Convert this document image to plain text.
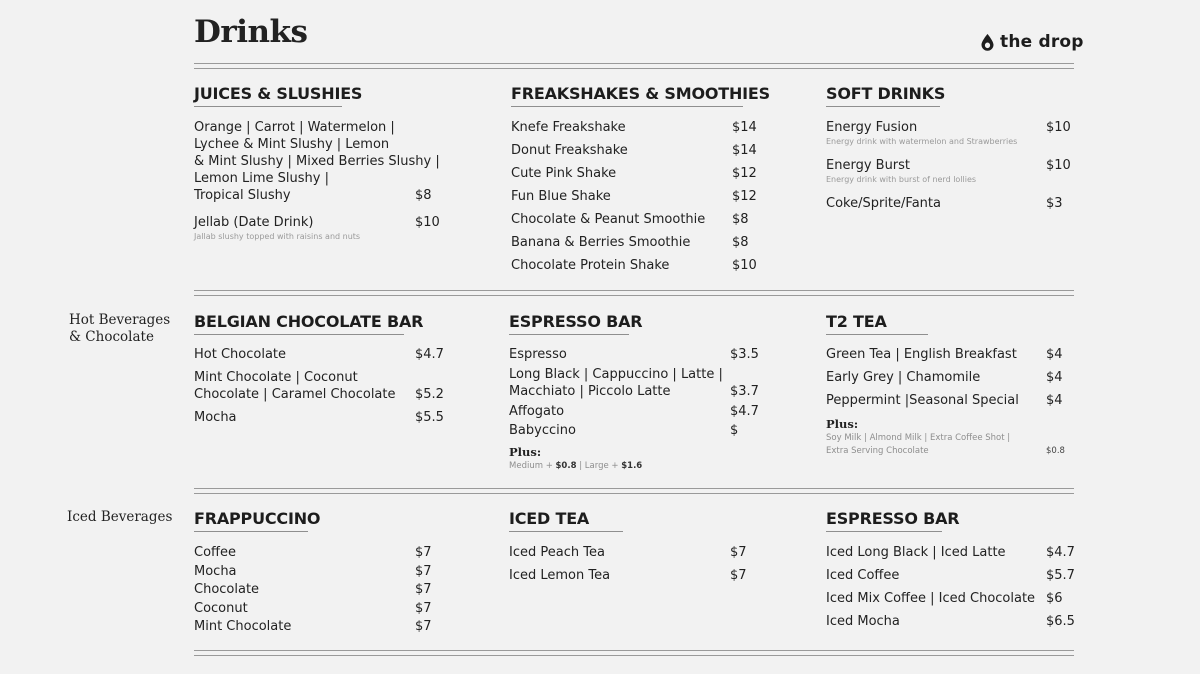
Drinks	the drop
Hot Beverages
& Chocolate
Iced Beverages
JUICES & SLUSHIES
Orange | Carrot | Watermelon |
Lychee & Mint Slushy | Lemon
& Mint Slushy | Mixed Berries Slushy |
Lemon Lime Slushy |
Tropical Slushy	$8
Jellab (Date Drink)	$10
Jallab slushy topped with raisins and nuts
FREAKSHAKES & SMOOTHIES
Knefe Freakshake	$14
Donut Freakshake	$14
Cute Pink Shake	$12
Fun Blue Shake	$12
Chocolate & Peanut Smoothie $8
Banana & Berries Smoothie	$8
Chocolate Protein Shake	$10
SOFT DRINKS
Energy Fusion	$10
Energy drink with watermelon and Strawberries
Energy Burst	$10
Energy drink with burst of nerd lollies
Coke/Sprite/Fanta	$3
BELGIAN CHOCOLATE BAR
Hot Chocolate	$4.7
Mint Chocolate | Coconut
Chocolate | Caramel Chocolate $5.2
Mocha	$5.5
ESPRESSO BAR
Espresso	$3.5
Long Black | Cappuccino | Latte |
Macchiato | Piccolo Latte	$3.7
Affogato	$4.7
Babyccino	$
Plus:
Medium + $0.8 | Large + $1.6
T2 TEA
Green Tea | English Breakfast $4
Early Grey | Chamomile	$4
Peppermint |Seasonal Special $4
Plus:
Soy Milk | Almond Milk | Extra Coffee Shot |
Extra Serving Chocolate	$0.8
FRAPPUCCINO
Coffee	$7
Mocha	$7
Chocolate	$7
Coconut	$7
Mint Chocolate	$7
ICED TEA
Iced Peach Tea	$7
Iced Lemon Tea	$7
ESPRESSO BAR
Iced Long Black | Iced Latte	$4.7
Iced Coffee	$5.7
Iced Mix Coffee | Iced Chocolate $6
Iced Mocha	$6.5
